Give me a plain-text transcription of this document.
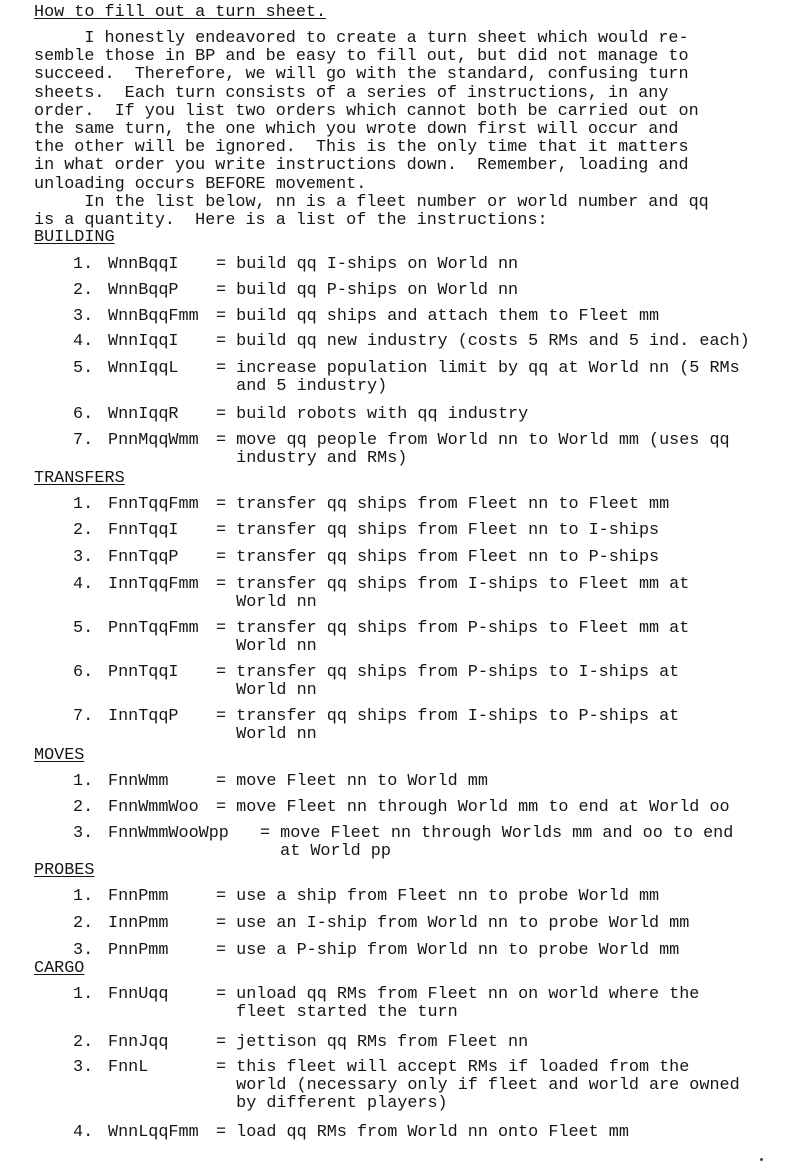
How to fill out a turn sheet.

I honestly endeavored to create a turn sheet which would re-
semble those in BP and be easy to fill out, but did not manage to
succeed.  Therefore, we will go with the standard, confusing turn
sheets.  Each turn consists of a series of instructions, in any
order.  If you list two orders which cannot both be carried out on
the same turn, the one which you wrote down first will occur and
the other will be ignored.  This is the only time that it matters
in what order you write instructions down.  Remember, loading and
unloading occurs BEFORE movement.

In the list below, nn is a fleet number or world number and qq
is a quantity.  Here is a list of the instructions:

BUILDING
1. WnnBqqI = build qq I-ships on World nn
2. WnnBqqP = build qq P-ships on World nn
3. WnnBqqFmm = build qq ships and attach them to Fleet mm
4. WnnIqqI = build qq new industry (costs 5 RMs and 5 ind. each)
5. WnnIqqL = increase population limit by qq at World nn (5 RMs
and 5 industry)
6. WnnIqqR = build robots with qq industry
7. PnnMqqWmm = move qq people from World nn to World mm (uses qq
industry and RMs)
TRANSFERS
1. FnnTqqFmm = transfer qq ships from Fleet nn to Fleet mm
2. FnnTqqI = transfer qq ships from Fleet nn to I-ships
3. FnnTqqP = transfer qq ships from Fleet nn to P-ships
4. InnTqqFmm = transfer qq ships from I-ships to Fleet mm at
World nn
5. PnnTqqFmm = transfer qq ships from P-ships to Fleet mm at
World nn
6. PnnTqqI = transfer qq ships from P-ships to I-ships at
World nn
7. InnTqqP = transfer qq ships from I-ships to P-ships at
World nn
MOVES
1. FnnWmm	= move Fleet nn to World mm
2. FnnWmmWoo = move Fleet nn through World mm to end at World oo
3. FnnWmmWooWpp = move Fleet nn through Worlds mm and oo to end
at World pp
PROBES
1. FnnPmm	= use a ship from Fleet nn to probe World mm
2. InnPmm	= use an I-ship from World nn to probe World mm
3. PnnPmm	= use a P-ship from World nn to probe World mm
CARGO
1. FnnUqq	= unload qq RMs from Fleet nn on world where the
fleet started the turn
2. FnnJqq	= jettison qq RMs from Fleet nn
3. FnnL	= this fleet will accept RMs if loaded from the
world (necessary only if fleet and world are owned
by different players)
4. WnnLqqFmm = load qq RMs from World nn onto Fleet mm
